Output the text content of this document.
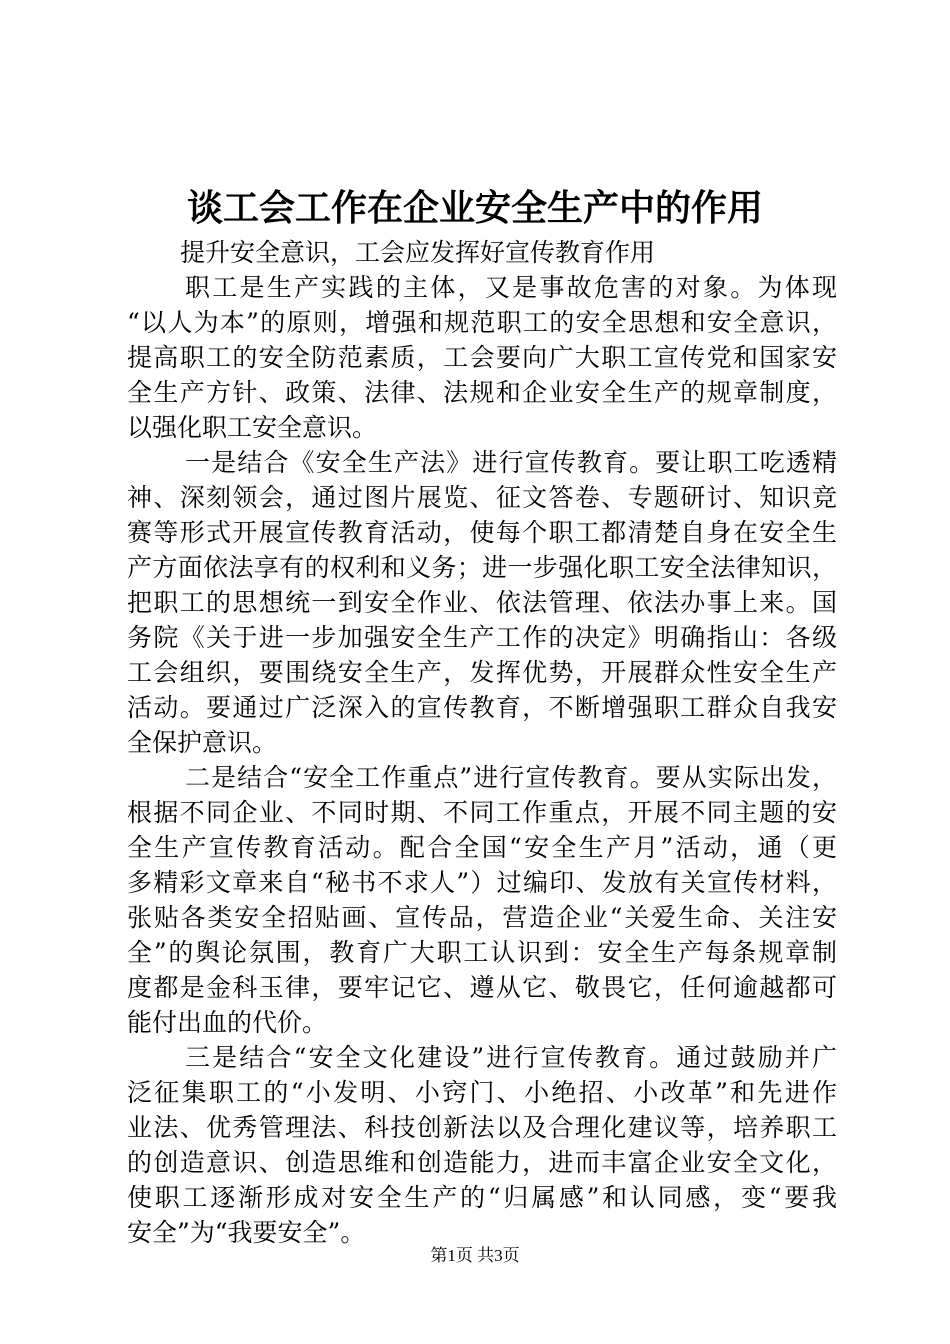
谈工会工作在企业安全生产中的作用
提升安全意识，工会应发挥好宣传教育作用
职工是生产实践的主体，又是事故危害的对象。为体现
“以人为本”的原则，增强和规范职工的安全思想和安全意识，
提高职工的安全防范素质，工会要向广大职工宣传党和国家安
全生产方针、政策、法律、法规和企业安全生产的规章制度，
以强化职工安全意识。
一是结合《安全生产法》进行宣传教育。要让职工吃透精
神、深刻领会，通过图片展览、征文答卷、专题研讨、知识竞
赛等形式开展宣传教育活动，使每个职工都清楚自身在安全生
产方面依法享有的权利和义务；进一步强化职工安全法律知识，
把职工的思想统一到安全作业、依法管理、依法办事上来。国
务院《关于进一步加强安全生产工作的决定》明确指山：各级
工会组织，要围绕安全生产，发挥优势，开展群众性安全生产
活动。要通过广泛深入的宣传教育，不断增强职工群众自我安
全保护意识。
二是结合“安全工作重点”进行宣传教育。要从实际出发，
根据不同企业、不同时期、不同工作重点，开展不同主题的安
全生产宣传教育活动。配合全国“安全生产月”活动，通（更
多精彩文章来自“秘书不求人”）过编印、发放有关宣传材料，
张贴各类安全招贴画、宣传品，营造企业“关爱生命、关注安
全”的舆论氛围，教育广大职工认识到：安全生产每条规章制
度都是金科玉律，要牢记它、遵从它、敬畏它，任何逾越都可
能付出血的代价。
三是结合“安全文化建设”进行宣传教育。通过鼓励并广
泛征集职工的“小发明、小窍门、小绝招、小改革”和先进作
业法、优秀管理法、科技创新法以及合理化建议等，培养职工
的创造意识、创造思维和创造能力，进而丰富企业安全文化，
使职工逐渐形成对安全生产的“归属感”和认同感，变“要我
安全”为“我要安全”。
第1页 共3页
